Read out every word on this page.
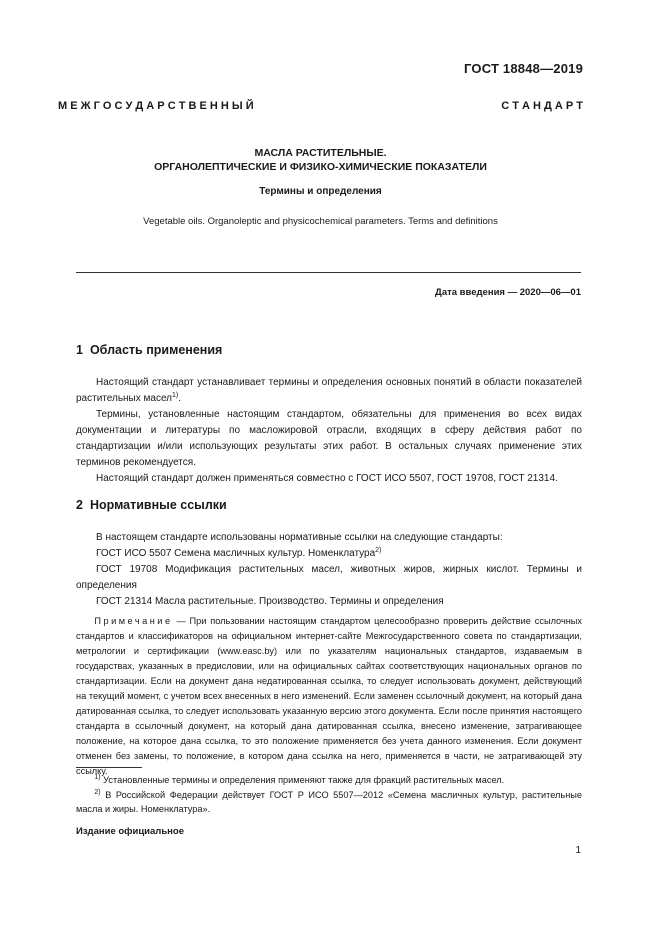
ГОСТ 18848—2019
М Е Ж Г О С У Д А Р С Т В Е Н Н Ы Й	С Т А Н Д А Р Т
МАСЛА РАСТИТЕЛЬНЫЕ.
ОРГАНОЛЕПТИЧЕСКИЕ И ФИЗИКО-ХИМИЧЕСКИЕ ПОКАЗАТЕЛИ
Термины и определения
Vegetable oils. Organoleptic and physicochemical parameters. Terms and definitions
Дата введения — 2020—06—01
1 Область применения

  Настоящий стандарт устанавливает термины и определения основных понятий в области показателей растительных масел$^{1)}$.

  Термины, установленные настоящим стандартом, обязательны для применения во всех видах документации и литературы по масложировой отрасли, входящих в сферу действия работ по стандартизации и/или использующих результаты этих работ. В остальных случаях применение этих терминов рекомендуется.

  Настоящий стандарт должен применяться совместно с ГОСТ ИСО 5507, ГОСТ 19708, ГОСТ 21314.

2 Нормативные ссылки

  В настоящем стандарте использованы нормативные ссылки на следующие стандарты:

  ГОСТ ИСО 5507 Семена масличных культур. Номенклатура$^{2)}$

  ГОСТ 19708 Модификация растительных масел, животных жиров, жирных кислот. Термины и определения

  ГОСТ 21314 Масла растительные. Производство. Термины и определения

  Примечание — При пользовании настоящим стандартом целесообразно проверить действие ссылочных стандартов и классификаторов на официальном интернет-сайте Межгосударственного совета по стандартизации, метрологии и сертификации (www.easc.by) или по указателям национальных стандартов, издаваемым в государствах, указанных в предисловии, или на официальных сайтах соответствующих национальных органов по стандартизации. Если на документ дана недатированная ссылка, то следует использовать документ, действующий на текущий момент, с учетом всех внесенных в него изменений. Если заменен ссылочный документ, на который дана датированная ссылка, то следует использовать указанную версию этого документа. Если после принятия настоящего стандарта в ссылочный документ, на который дана датированная ссылка, внесено изменение, затрагивающее положение, на которое дана ссылка, то это положение применяется без учета данного изменения. Если документ отменен без замены, то положение, в котором дана ссылка на него, применяется в части, не затрагивающей эту ссылку.
  $^{1)}$ Установленные термины и определения применяют также для фракций растительных масел.
  $^{2)}$ В Российской Федерации действует ГОСТ Р ИСО 5507—2012 «Семена масличных культур, растительные масла и жиры. Номенклатура».
Издание официальное
1
